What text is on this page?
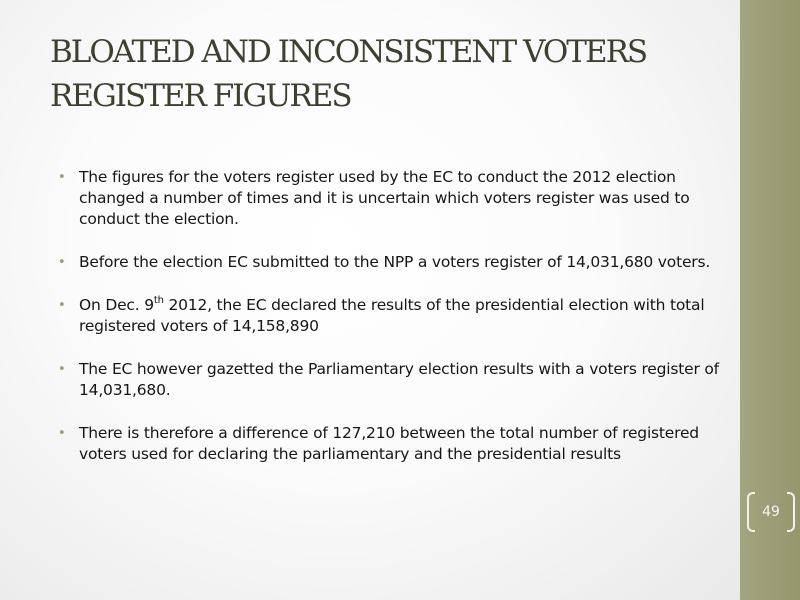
BLOATED AND INCONSISTENT VOTERS
REGISTER FIGURES
• The figures for the voters register used by the EC to conduct the 2012 election changed a number of times and it is uncertain which voters register was used to conduct the election.
• Before the election EC submitted to the NPP a voters register of 14,031,680 voters.
• On Dec. 9th 2012, the EC declared the results of the presidential election with total registered voters of 14,158,890
• The EC however gazetted the Parliamentary election results with a voters register of 14,031,680.
• There is therefore a difference of 127,210 between the total number of registered voters used for declaring the parliamentary and the presidential results
49
